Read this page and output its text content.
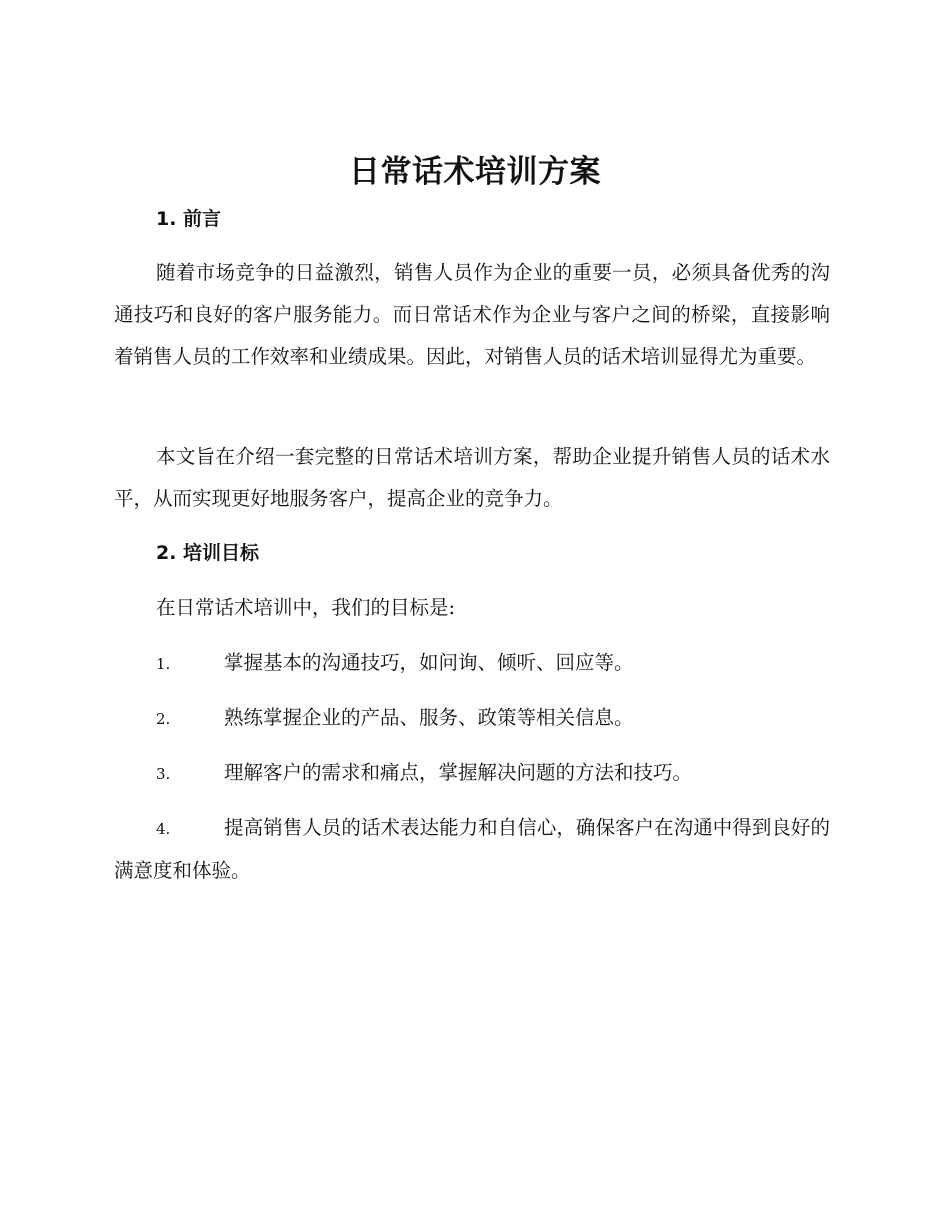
日常话术培训方案
1. 前言

随着市场竞争的日益激烈，销售人员作为企业的重要一员，必须具备优秀的沟通技巧和良好的客户服务能力。而日常话术作为企业与客户之间的桥梁，直接影响着销售人员的工作效率和业绩成果。因此，对销售人员的话术培训显得尤为重要。

本文旨在介绍一套完整的日常话术培训方案，帮助企业提升销售人员的话术水平，从而实现更好地服务客户，提高企业的竞争力。

2. 培训目标

在日常话术培训中，我们的目标是:

1.	掌握基本的沟通技巧，如问询、倾听、回应等。

2.	熟练掌握企业的产品、服务、政策等相关信息。

3.	理解客户的需求和痛点，掌握解决问题的方法和技巧。

4.	提高销售人员的话术表达能力和自信心，确保客户在沟通中得到良好的满意度和体验。
